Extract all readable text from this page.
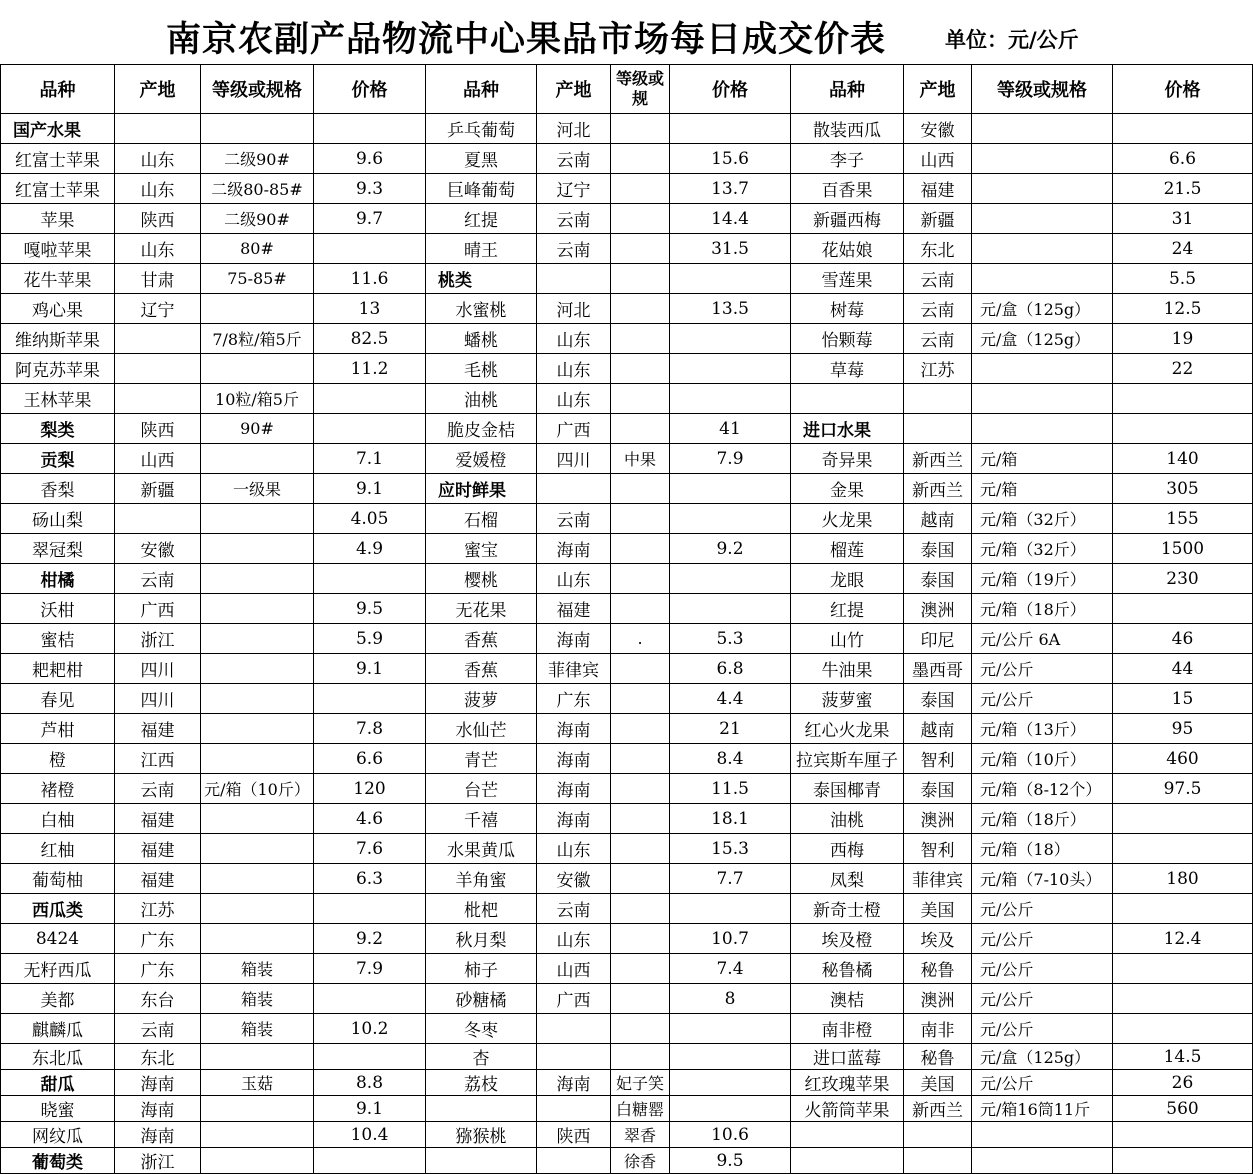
南京农副产品物流中心果品市场每日成交价表	单位：元/公斤
品种	产地	等级或规格	价格	品种	产地	等级或规	价格	品种	产地	等级或规格	价格
国产水果				乒乓葡萄	河北			散装西瓜	安徽		
红富士苹果	山东	二级90#	9.6	夏黑	云南		15.6	李子	山西		6.6
红富士苹果	山东	二级80-85#	9.3	巨峰葡萄	辽宁		13.7	百香果	福建		21.5
苹果	陕西	二级90#	9.7	红提	云南		14.4	新疆西梅	新疆		31
嘎啦苹果	山东	80#		晴王	云南		31.5	花姑娘	东北		24
花牛苹果	甘肃	75-85#	11.6	桃类				雪莲果	云南		5.5
鸡心果	辽宁		13	水蜜桃	河北		13.5	树莓	云南	元/盒（125g）	12.5
维纳斯苹果		7/8粒/箱5斤	82.5	蟠桃	山东			怡颗莓	云南	元/盒（125g）	19
阿克苏苹果			11.2	毛桃	山东			草莓	江苏		22
王林苹果		10粒/箱5斤		油桃	山东						
梨类	陕西	90#		脆皮金桔	广西		41	进口水果			
贡梨	山西		7.1	爱媛橙	四川	中果	7.9	奇异果	新西兰	元/箱	140
香梨	新疆	一级果	9.1	应时鲜果				金果	新西兰	元/箱	305
砀山梨			4.05	石榴	云南			火龙果	越南	元/箱（32斤）	155
翠冠梨	安徽		4.9	蜜宝	海南		9.2	榴莲	泰国	元/箱（32斤）	1500
柑橘	云南			樱桃	山东			龙眼	泰国	元/箱（19斤）	230
沃柑	广西		9.5	无花果	福建			红提	澳洲	元/箱（18斤）	
蜜桔	浙江		5.9	香蕉	海南	.	5.3	山竹	印尼	元/公斤 6A	46
耙耙柑	四川		9.1	香蕉	菲律宾		6.8	牛油果	墨西哥	元/公斤	44
春见	四川			菠萝	广东		4.4	菠萝蜜	泰国	元/公斤	15
芦柑	福建		7.8	水仙芒	海南		21	红心火龙果	越南	元/箱（13斤）	95
橙	江西		6.6	青芒	海南		8.4	拉宾斯车厘子	智利	元/箱（10斤）	460
褚橙	云南	元/箱（10斤）	120	台芒	海南		11.5	泰国椰青	泰国	元/箱（8-12个）	97.5
白柚	福建		4.6	千禧	海南		18.1	油桃	澳洲	元/箱（18斤）	
红柚	福建		7.6	水果黄瓜	山东		15.3	西梅	智利	元/箱（18）	
葡萄柚	福建		6.3	羊角蜜	安徽		7.7	凤梨	菲律宾	元/箱（7-10头）	180
西瓜类	江苏			枇杷	云南			新奇士橙	美国	元/公斤	
8424	广东		9.2	秋月梨	山东		10.7	埃及橙	埃及	元/公斤	12.4
无籽西瓜	广东	箱装	7.9	柿子	山西		7.4	秘鲁橘	秘鲁	元/公斤	
美都	东台	箱装		砂糖橘	广西		8	澳桔	澳洲	元/公斤	
麒麟瓜	云南	箱装	10.2	冬枣				南非橙	南非	元/公斤	
东北瓜	东北			杏				进口蓝莓	秘鲁	元/盒（125g）	14.5
甜瓜	海南	玉菇	8.8	荔枝	海南	妃子笑		红玫瑰苹果	美国	元/公斤	26
晓蜜	海南		9.1			白糖罂		火箭筒苹果	新西兰	元/箱16筒11斤	560
网纹瓜	海南		10.4	猕猴桃	陕西	翠香	10.6				
葡萄类	浙江					徐香	9.5				
